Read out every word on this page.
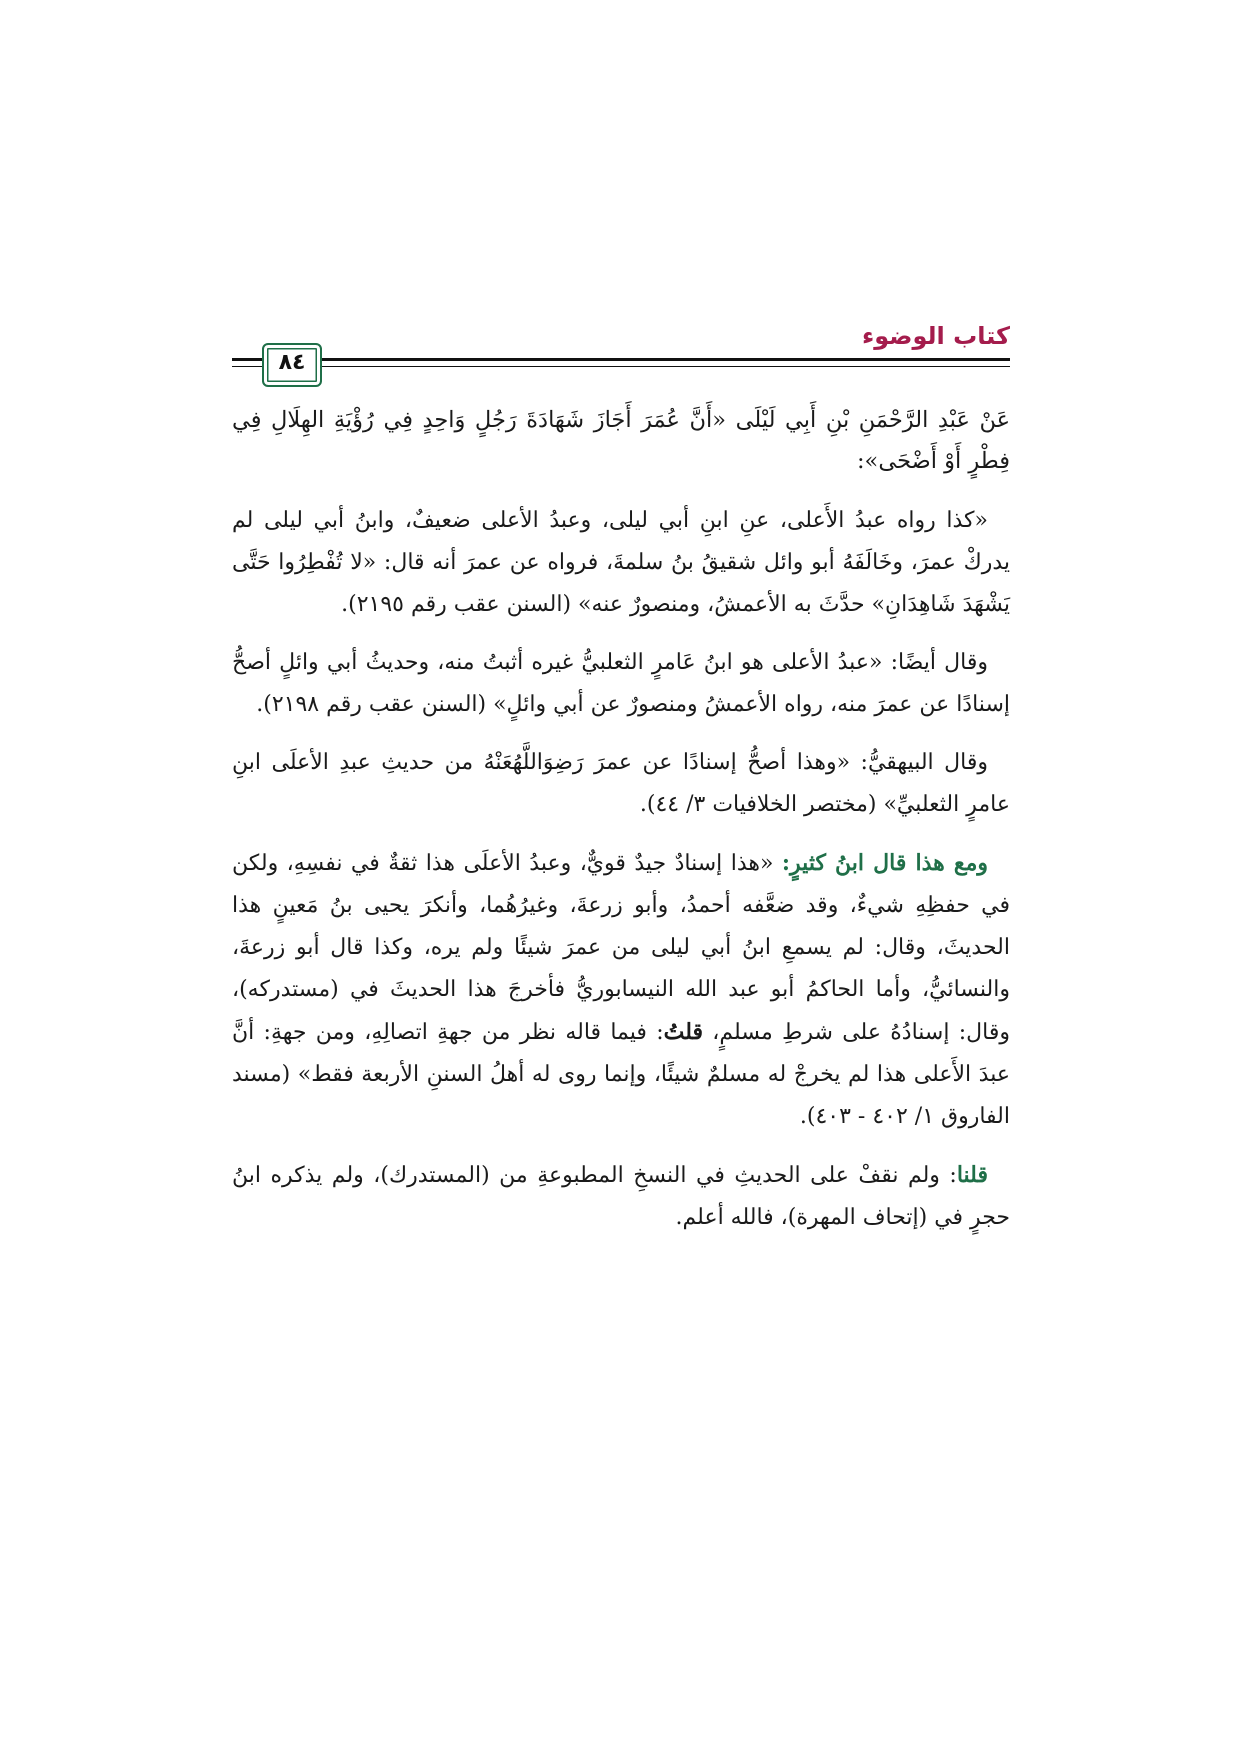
كتاب الوضوء
٨٤

عَنْ عَبْدِ الرَّحْمَنِ بْنِ أَبِي لَيْلَى «أَنَّ عُمَرَ أَجَازَ شَهَادَةَ رَجُلٍ وَاحِدٍ فِي رُؤْيَةِ الهِلَالِ فِي فِطْرٍ أَوْ أَضْحَى»:

«كذا رواه عبدُ الأَعلى، عنِ ابنِ أبي ليلى، وعبدُ الأعلى ضعيفٌ، وابنُ أبي ليلى لم يدركْ عمرَ، وخَالَفَهُ أبو وائل شقيقُ بنُ سلمةَ، فرواه عن عمرَ أنه قال: «لا تُفْطِرُوا حَتَّى يَشْهَدَ شَاهِدَانِ» حدَّثَ به الأعمشُ، ومنصورٌ عنه» (السنن عقب رقم ٢١٩٥).

وقال أيضًا: «عبدُ الأعلى هو ابنُ عَامرٍ الثعلبيُّ غيره أثبتُ منه، وحديثُ أبي وائلٍ أصحُّ إسنادًا عن عمرَ منه، رواه الأعمشُ ومنصورٌ عن أبي وائلٍ» (السنن عقب رقم ٢١٩٨).

وقال البيهقيُّ: «وهذا أصحُّ إسنادًا عن عمرَ رَضِوَاللَّهُعَنْهُ من حديثِ عبدِ الأعلَى ابنِ عامرٍ الثعلبيِّ» (مختصر الخلافيات ٣/ ٤٤).

ومع هذا قال ابنُ كثيرٍ: «هذا إسنادٌ جيدٌ قويٌّ، وعبدُ الأعلَى هذا ثقةٌ في نفسِهِ، ولكن في حفظِهِ شيءٌ، وقد ضعَّفه أحمدُ، وأبو زرعةَ، وغيرُهُما، وأنكرَ يحيى بنُ مَعينٍ هذا الحديثَ، وقال: لم يسمعِ ابنُ أبي ليلى من عمرَ شيئًا ولم يره، وكذا قال أبو زرعةَ، والنسائيُّ، وأما الحاكمُ أبو عبد الله النيسابوريُّ فأخرجَ هذا الحديثَ في (مستدركه)، وقال: إسنادُهُ على شرطِ مسلمٍ، قلتُ: فيما قاله نظر من جهةِ اتصالِهِ، ومن جهةِ: أنَّ عبدَ الأَعلى هذا لم يخرجْ له مسلمٌ شيئًا، وإنما روى له أهلُ السننِ الأربعة فقط» (مسند الفاروق ١/ ٤٠٢ - ٤٠٣).

قلنا: ولم نقفْ على الحديثِ في النسخِ المطبوعةِ من (المستدرك)، ولم يذكره ابنُ حجرٍ في (إتحاف المهرة)، فالله أعلم.
